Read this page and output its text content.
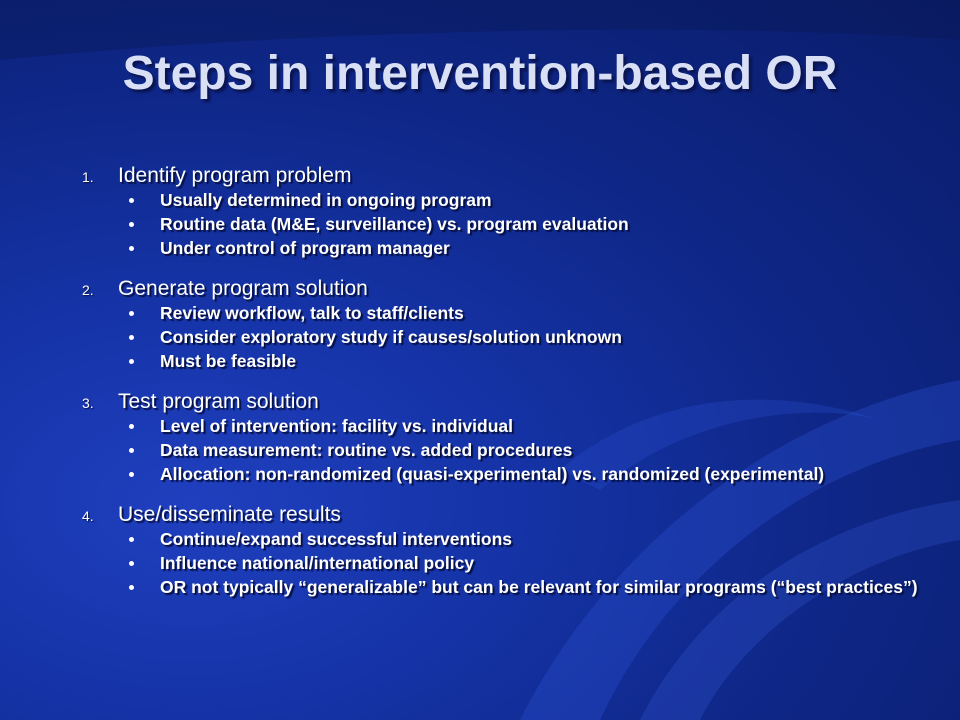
Steps in intervention-based OR
1.	Identify program problem
Usually determined in ongoing program
Routine data (M&E, surveillance) vs. program evaluation
Under control of program manager
2.	Generate program solution
Review workflow, talk to staff/clients
Consider exploratory study if causes/solution unknown
Must be feasible
3.	Test program solution
Level of intervention: facility vs. individual
Data measurement: routine vs. added procedures
Allocation: non-randomized (quasi-experimental) vs. randomized (experimental)
4.	Use/disseminate results
Continue/expand successful interventions
Influence national/international policy
OR not typically “generalizable” but can be relevant for similar programs (“best practices”)
